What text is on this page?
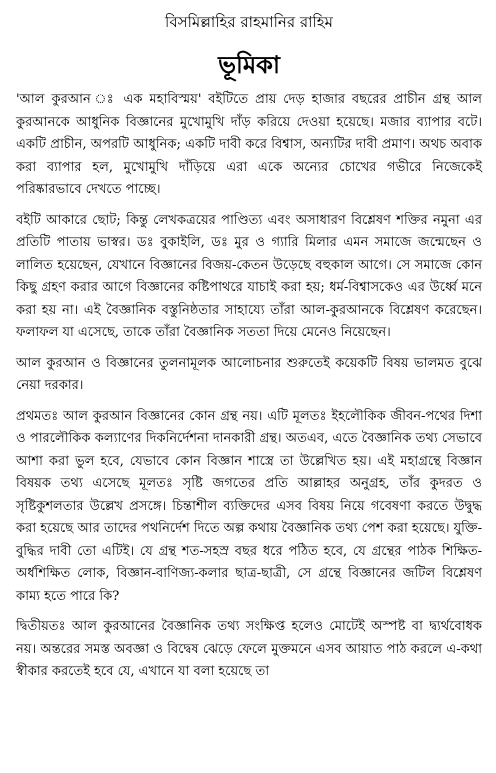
বিসমিল্লাহির রাহমানির রাহিম
ভূমিকা

'আল কুরআন ঃ এক মহাবিস্ময়' বইটিতে প্রায় দেড় হাজার বছরের প্রাচীন গ্রন্থ আল কুরআনকে আধুনিক বিজ্ঞানের মুখোমুখি দাঁড় করিয়ে দেওয়া হয়েছে। মজার ব্যাপার বটে। একটি প্রাচীন, অপরটি আধুনিক; একটি দাবী করে বিশ্বাস, অন্যটির দাবী প্রমাণ। অথচ অবাক করা ব্যাপার হল, মুখোমুখি দাঁড়িয়ে এরা একে অন্যের চোখের গভীরে নিজেকেই পরিষ্কারভাবে দেখতে পাচ্ছে।

বইটি আকারে ছোট; কিন্তু লেখকত্রয়ের পাণ্ডিত্য এবং অসাধারণ বিশ্লেষণ শক্তির নমুনা এর প্রতিটি পাতায় ভাস্বর। ডঃ বুকাইলি, ডঃ মুর ও গ্যারি মিলার এমন সমাজে জন্মেছেন ও লালিত হয়েছেন, যেখানে বিজ্ঞানের বিজয়-কেতন উড়েছে বহুকাল আগে। সে সমাজে কোন কিছু গ্রহণ করার আগে বিজ্ঞানের কষ্টিপাথরে যাচাই করা হয়; ধর্ম-বিশ্বাসকেও এর উর্ধ্বে মনে করা হয় না। এই বৈজ্ঞানিক বস্তুনিষ্ঠতার সাহায্যে তাঁরা আল-কুরআনকে বিশ্লেষণ করেছেন। ফলাফল যা এসেছে, তাকে তাঁরা বৈজ্ঞানিক সততা দিয়ে মেনেও নিয়েছেন।

আল কুরআন ও বিজ্ঞানের তুলনামূলক আলোচনার শুরুতেই কয়েকটি বিষয় ভালমত বুঝে নেয়া দরকার।

প্রথমতঃ আল কুরআন বিজ্ঞানের কোন গ্রন্থ নয়। এটি মূলতঃ ইহলৌকিক জীবন-পথের দিশা ও পারলৌকিক কল্যাণের দিকনির্দেশনা দানকারী গ্রন্থ। অতএব, এতে বৈজ্ঞানিক তথ্য সেভাবে আশা করা ভুল হবে, যেভাবে কোন বিজ্ঞান শাস্ত্রে তা উল্লেখিত হয়। এই মহাগ্রন্থে বিজ্ঞান বিষয়ক তথ্য এসেছে মূলতঃ সৃষ্টি জগতের প্রতি আল্লাহর অনুগ্রহ, তাঁর কুদরত ও সৃষ্টিকুশলতার উল্লেখ প্রসঙ্গে। চিন্তাশীল ব্যক্তিদের এসব বিষয় নিয়ে গবেষণা করতে উদ্বুদ্ধ করা হয়েছে আর তাদের পথনির্দেশ দিতে অল্প কথায় বৈজ্ঞানিক তথ্য পেশ করা হয়েছে। যুক্তি-বুদ্ধির দাবী তো এটিই। যে গ্রন্থ শত-সহস্র বছর ধরে পঠিত হবে, যে গ্রন্থের পাঠক শিক্ষিত-অর্ধশিক্ষিত লোক, বিজ্ঞান-বাণিজ্য-কলার ছাত্র-ছাত্রী, সে গ্রন্থে বিজ্ঞানের জটিল বিশ্লেষণ কাম্য হতে পারে কি?

দ্বিতীয়তঃ আল কুরআনের বৈজ্ঞানিক তথ্য সংক্ষিপ্ত হলেও মোটেই অস্পষ্ট বা দ্ব্যর্থবোধক নয়। অন্তরের সমস্ত অবজ্ঞা ও বিদ্বেষ ঝেড়ে ফেলে মুক্তমনে এসব আয়াত পাঠ করলে এ-কথা স্বীকার করতেই হবে যে, এখানে যা বলা হয়েছে তা
